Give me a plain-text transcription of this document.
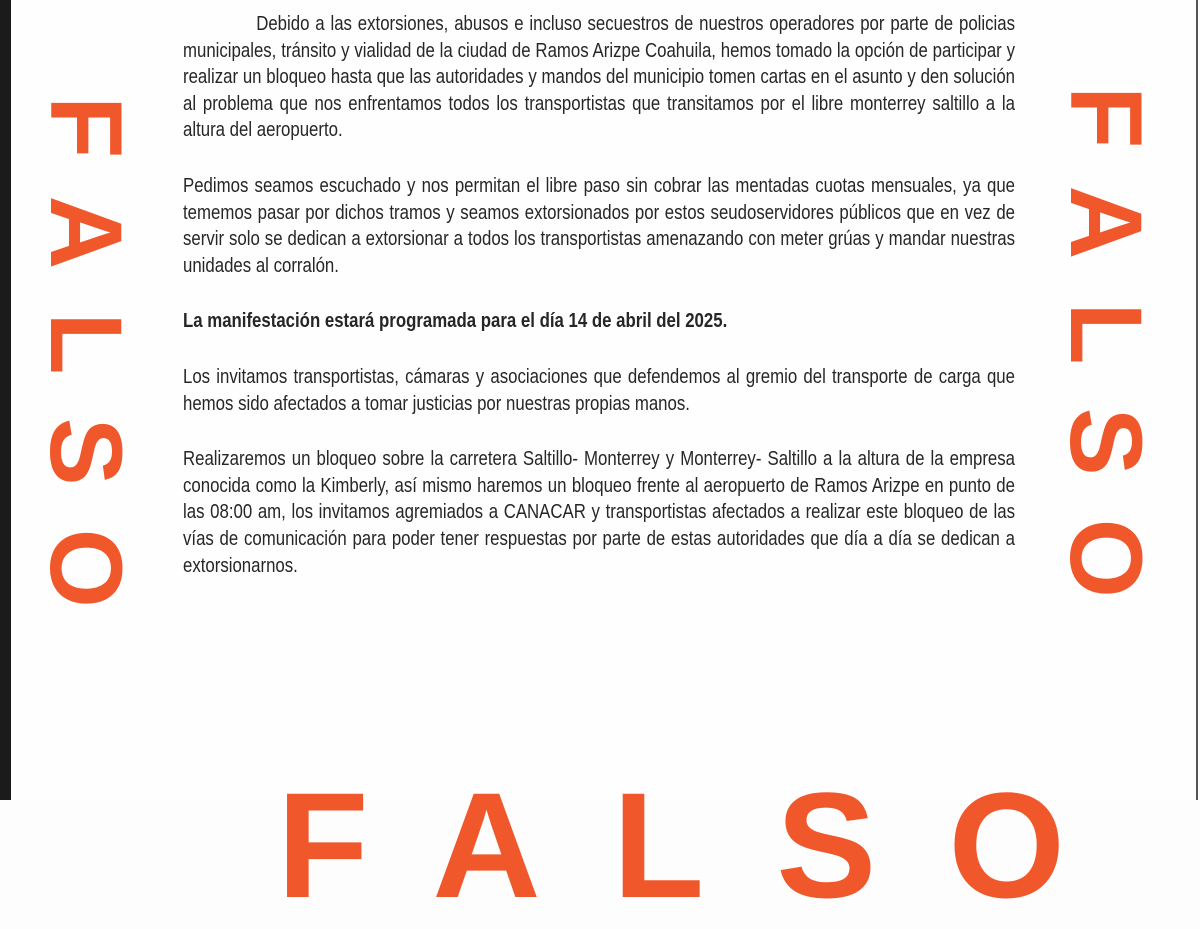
FALSO	FALSO
FALSO

Debido a las extorsiones, abusos e incluso secuestros de nuestros operadores por parte de policias municipales, tránsito y vialidad de la ciudad de Ramos Arizpe Coahuila, hemos tomado la opción de participar y realizar un bloqueo hasta que las autoridades y mandos del municipio tomen cartas en el asunto y den solución al problema que nos enfrentamos todos los transportistas que transitamos por el libre monterrey saltillo a la altura del aeropuerto.

Pedimos seamos escuchado y nos permitan el libre paso sin cobrar las mentadas cuotas mensuales, ya que tememos pasar por dichos tramos y seamos extorsionados por estos seudoservidores públicos que en vez de servir solo se dedican a extorsionar a todos los transportistas amenazando con meter grúas y mandar nuestras unidades al corralón.

La manifestación estará programada para el día 14 de abril del 2025.

Los invitamos transportistas, cámaras y asociaciones que defendemos al gremio del transporte de carga que hemos sido afectados a tomar justicias por nuestras propias manos.

Realizaremos un bloqueo sobre la carretera Saltillo- Monterrey y Monterrey- Saltillo a la altura de la empresa conocida como la Kimberly, así mismo haremos un bloqueo frente al aeropuerto de Ramos Arizpe en punto de las 08:00 am, los invitamos agremiados a CANACAR y transportistas afectados a realizar este bloqueo de las vías de comunicación para poder tener respuestas por parte de estas autoridades que día a día se dedican a extorsionarnos.
